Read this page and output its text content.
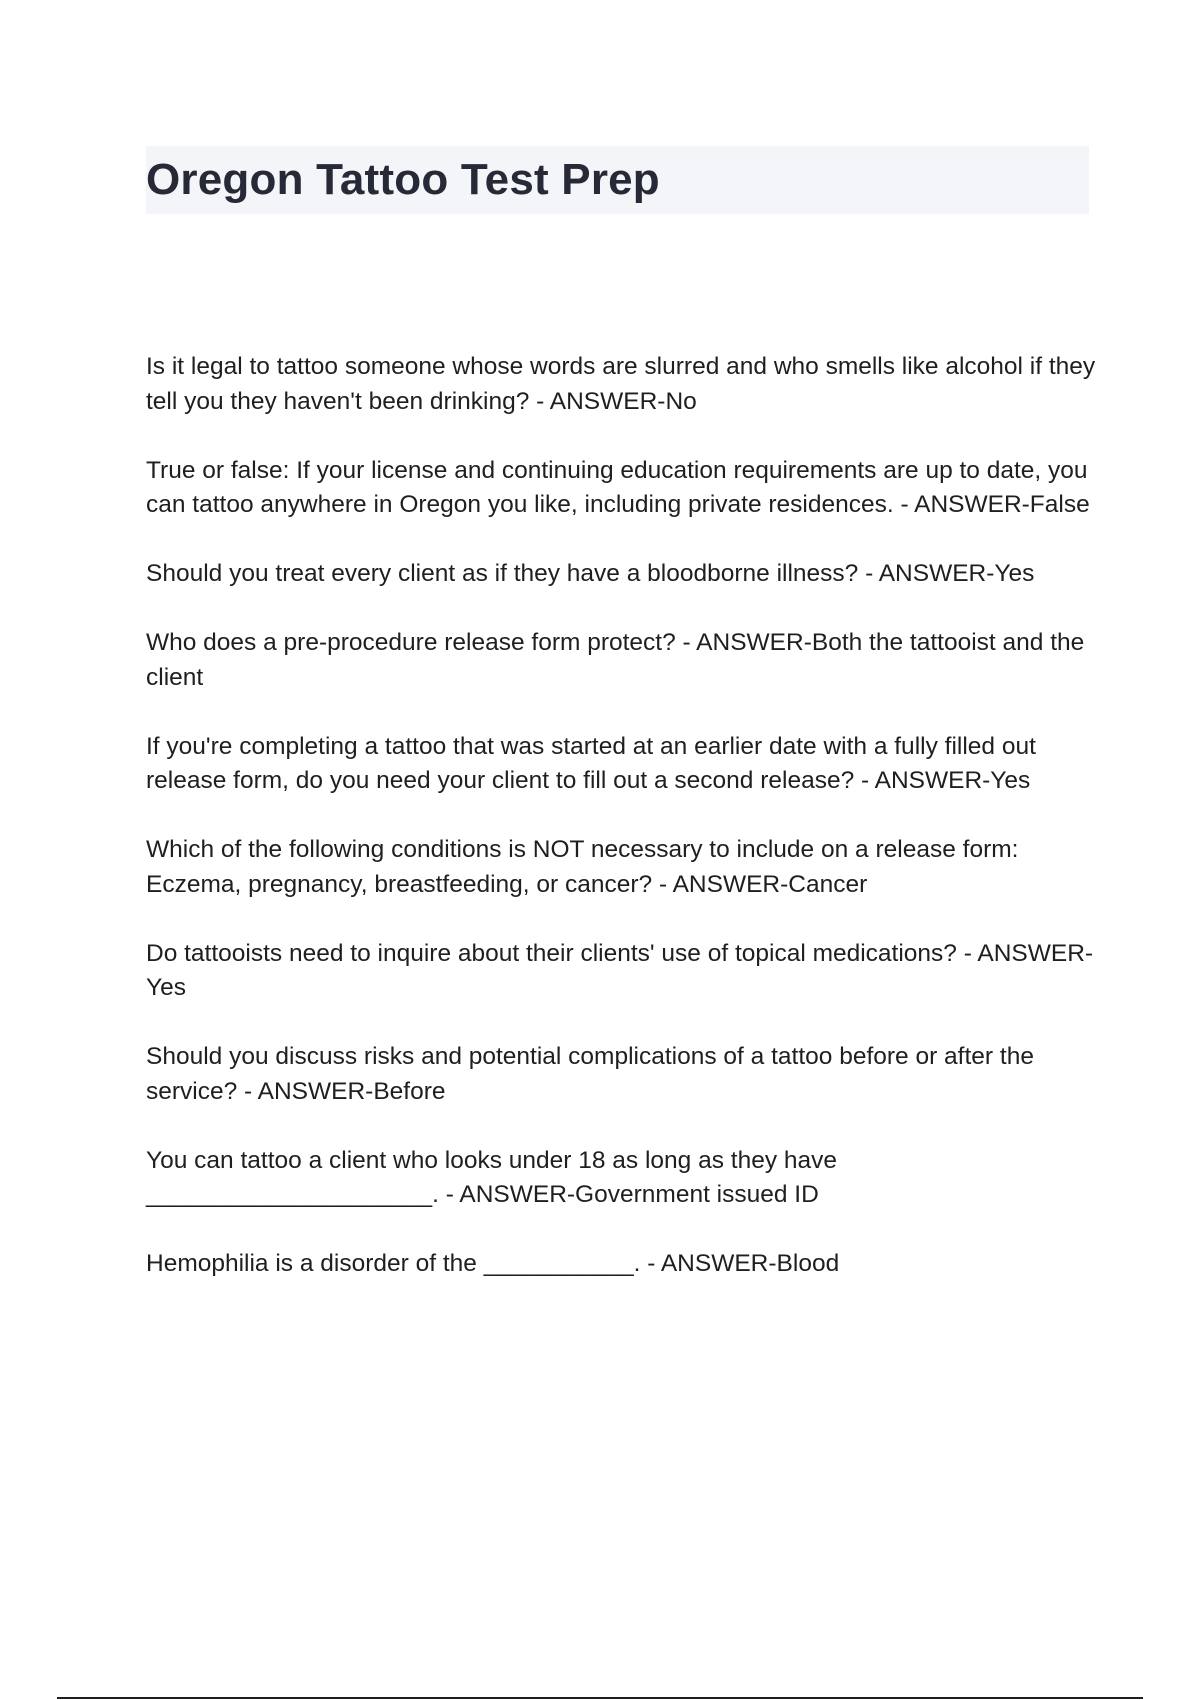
Oregon Tattoo Test Prep
Is it legal to tattoo someone whose words are slurred and who smells like alcohol if they tell you they haven't been drinking? - ANSWER-No
True or false: If your license and continuing education requirements are up to date, you can tattoo anywhere in Oregon you like, including private residences. - ANSWER-False
Should you treat every client as if they have a bloodborne illness? - ANSWER-Yes
Who does a pre-procedure release form protect? - ANSWER-Both the tattooist and the client
If you're completing a tattoo that was started at an earlier date with a fully filled out release form, do you need your client to fill out a second release? - ANSWER-Yes
Which of the following conditions is NOT necessary to include on a release form: Eczema, pregnancy, breastfeeding, or cancer? - ANSWER-Cancer
Do tattooists need to inquire about their clients' use of topical medications? - ANSWER-Yes
Should you discuss risks and potential complications of a tattoo before or after the service? - ANSWER-Before
You can tattoo a client who looks under 18 as long as they have _____________________. - ANSWER-Government issued ID
Hemophilia is a disorder of the ___________. - ANSWER-Blood
